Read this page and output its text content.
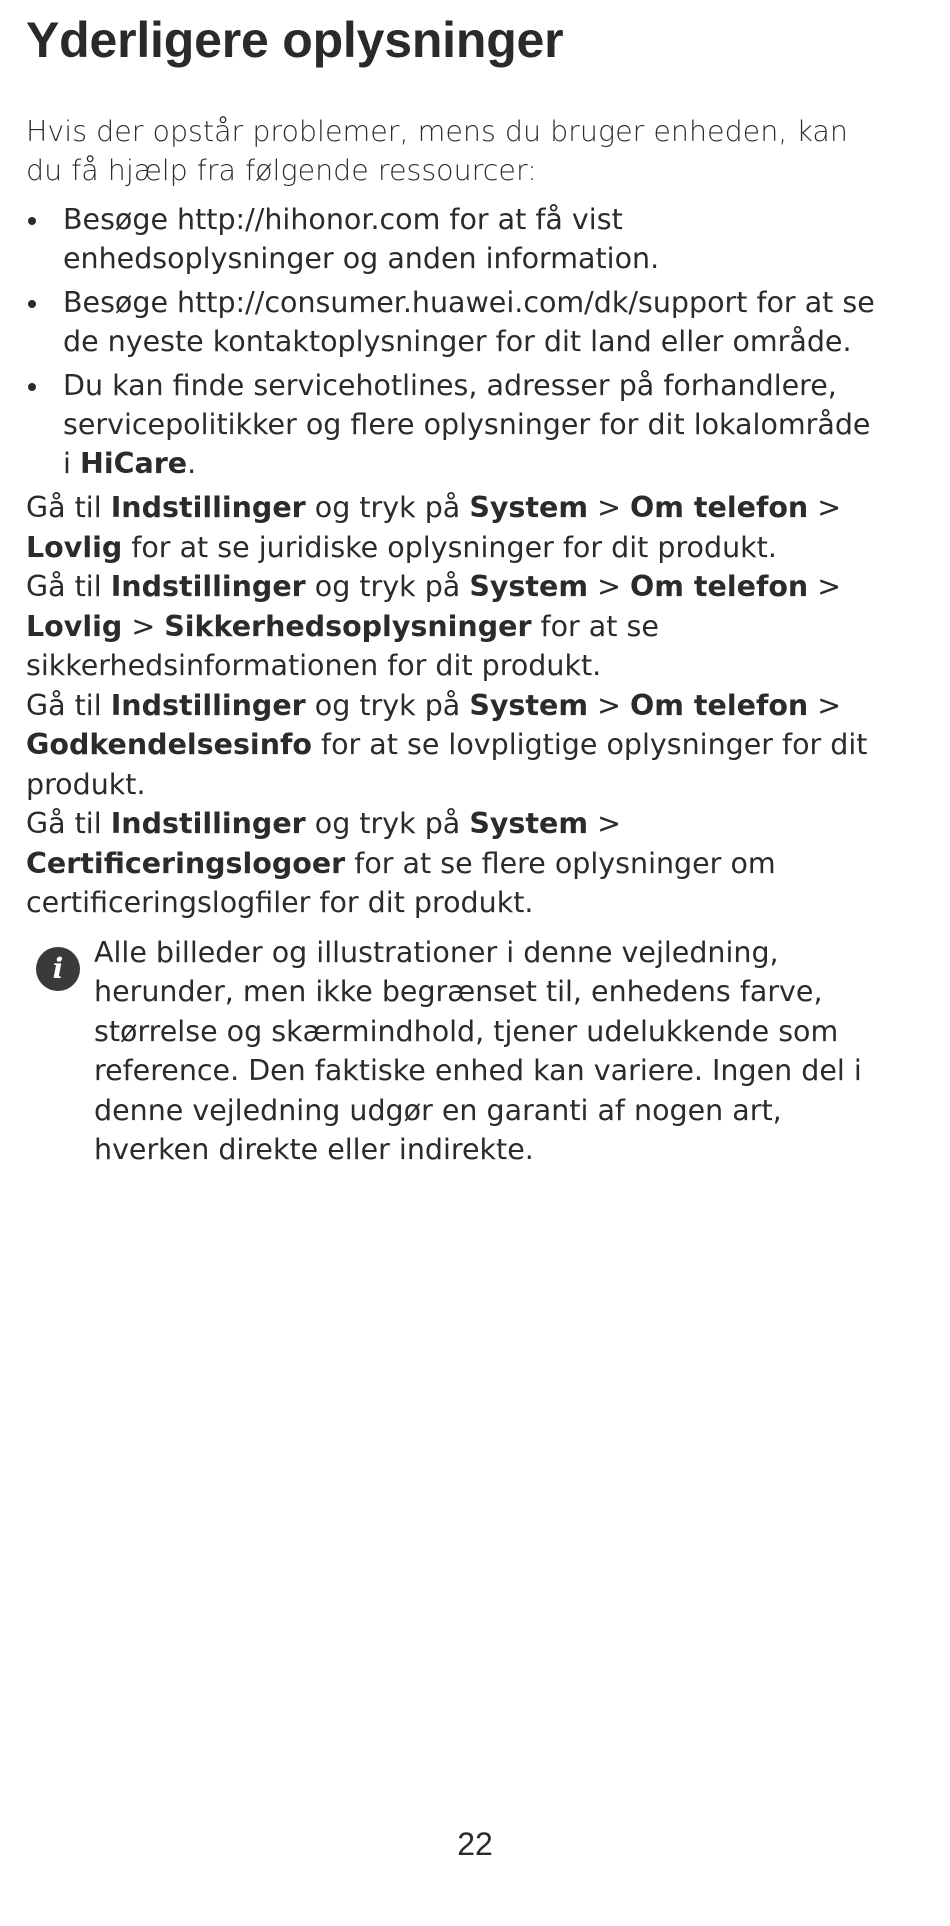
Yderligere oplysninger

Hvis der opstår problemer, mens du bruger enheden, kan du få hjælp fra følgende ressourcer:

Besøge http://hihonor.com for at få vist enhedsoplysninger og anden information.
Besøge http://consumer.huawei.com/dk/support for at se de nyeste kontaktoplysninger for dit land eller område.
Du kan finde servicehotlines, adresser på forhandlere, servicepolitikker og flere oplysninger for dit lokalområde i HiCare.

Gå til Indstillinger og tryk på System > Om telefon > Lovlig for at se juridiske oplysninger for dit produkt.

Gå til Indstillinger og tryk på System > Om telefon > Lovlig > Sikkerhedsoplysninger for at se sikkerhedsinformationen for dit produkt.

Gå til Indstillinger og tryk på System > Om telefon > Godkendelsesinfo for at se lovpligtige oplysninger for dit produkt.

Gå til Indstillinger og tryk på System > Certificeringslogoer for at se flere oplysninger om certificeringslogfiler for dit produkt.

i	Alle billeder og illustrationer i denne vejledning, herunder, men ikke begrænset til, enhedens farve, størrelse og skærmindhold, tjener udelukkende som reference. Den faktiske enhed kan variere. Ingen del i denne vejledning udgør en garanti af nogen art, hverken direkte eller indirekte.
22
